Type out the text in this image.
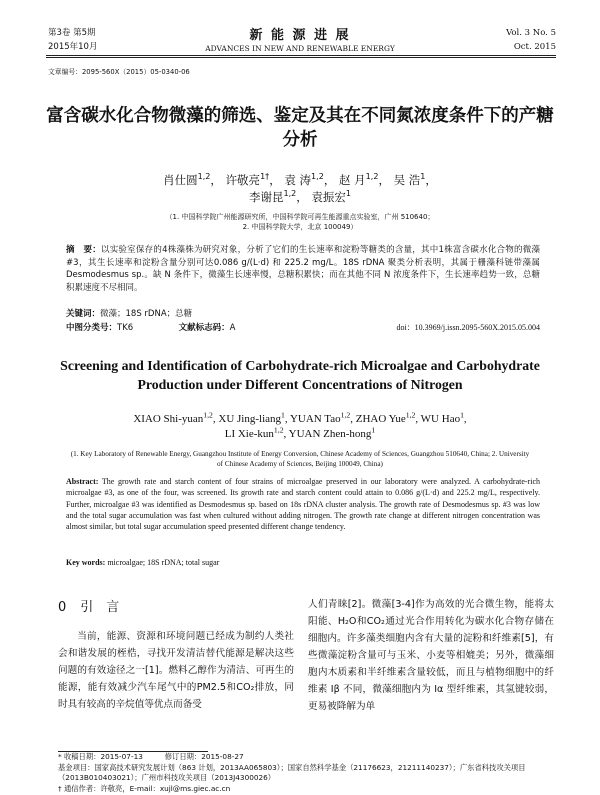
第3卷 第5期
2015年10月
新 能 源 进 展
ADVANCES IN NEW AND RENEWABLE ENERGY
Vol. 3 No. 5
Oct. 2015
文章编号：2095-560X（2015）05-0340-06
富含碳水化合物微藻的筛选、鉴定及其在不同氮浓度条件下的产糖分析
肖仕圆$^{1,2}$， 许敬亮$^{1\dagger}$， 袁 涛$^{1,2}$， 赵 月$^{1,2}$， 吴 浩$^1$，
李谢昆$^{1,2}$， 袁振宏$^1$
（1. 中国科学院广州能源研究所，中国科学院可再生能源重点实验室，广州 510640；
2. 中国科学院大学，北京 100049）
摘　要：以实验室保存的4株藻株为研究对象，分析了它们的生长速率和淀粉等糖类的含量，其中1株富含碳水化合物的微藻#3，其生长速率和淀粉含量分别可达0.086 g/(L·d) 和 225.2 mg/L。18S rDNA 聚类分析表明，其属于栅藻科链带藻属 Desmodesmus sp.。缺 N 条件下，微藻生长速率慢，总糖积累快；而在其他不同 N 浓度条件下，生长速率趋势一致，总糖积累速度不尽相同。
关键词：微藻；18S rDNA；总糖
中图分类号：TK6	文献标志码：A	doi：10.3969/j.issn.2095-560X.2015.05.004
Screening and Identification of Carbohydrate-rich Microalgae and Carbohydrate Production under Different Concentrations of Nitrogen
XIAO Shi-yuan$^{1,2}$, XU Jing-liang$^1$, YUAN Tao$^{1,2}$, ZHAO Yue$^{1,2}$, WU Hao$^1$,
LI Xie-kun$^{1,2}$, YUAN Zhen-hong$^1$
(1. Key Laboratory of Renewable Energy, Guangzhou Institute of Energy Conversion, Chinese Academy of Sciences, Guangzhou 510640, China; 2. University of Chinese Academy of Sciences, Beijing 100049, China)
Abstract: The growth rate and starch content of four strains of microalgae preserved in our laboratory were analyzed. A carbohydrate-rich microalgae #3, as one of the four, was screened. Its growth rate and starch content could attain to 0.086 g/(L·d) and 225.2 mg/L, respectively. Further, microalgae #3 was identified as Desmodesmus sp. based on 18s rDNA cluster analysis. The growth rate of Desmodesmus sp. #3 was low and the total sugar accumulation was fast when cultured without adding nitrogen. The growth rate change at different nitrogen concentration was almost similar, but total sugar accumulation speed presented different change tendency.
Key words: microalgae; 18S rDNA; total sugar
0 引　言
当前，能源、资源和环境问题已经成为制约人类社会和谐发展的桎梏，寻找开发清洁替代能源是解决这些问题的有效途径之一[1]。燃料乙醇作为清洁、可再生的能源，能有效减少汽车尾气中的PM2.5和CO₂排放，同时具有较高的辛烷值等优点而备受
人们青睐[2]。微藻[3-4]作为高效的光合微生物，能将太阳能、H₂O和CO₂通过光合作用转化为碳水化合物存储在细胞内。许多藻类细胞内含有大量的淀粉和纤维素[5]，有些微藻淀粉含量可与玉米、小麦等相媲美；另外，微藻细胞内木质素和半纤维素含量较低，而且与植物细胞中的纤维素 Iβ 不同，微藻细胞内为 Iα 型纤维素，其氢键较弱，更易被降解为单
* 收稿日期：2015-07-13　　　修订日期：2015-08-27
基金项目：国家高技术研究发展计划（863 计划，2013AA065803）；国家自然科学基金（21176623，21211140237）；广东省科技攻关项目（2013B010403021）；广州市科技攻关项目（2013J4300026）
† 通信作者：许敬亮，E-mail：xujl@ms.giec.ac.cn
